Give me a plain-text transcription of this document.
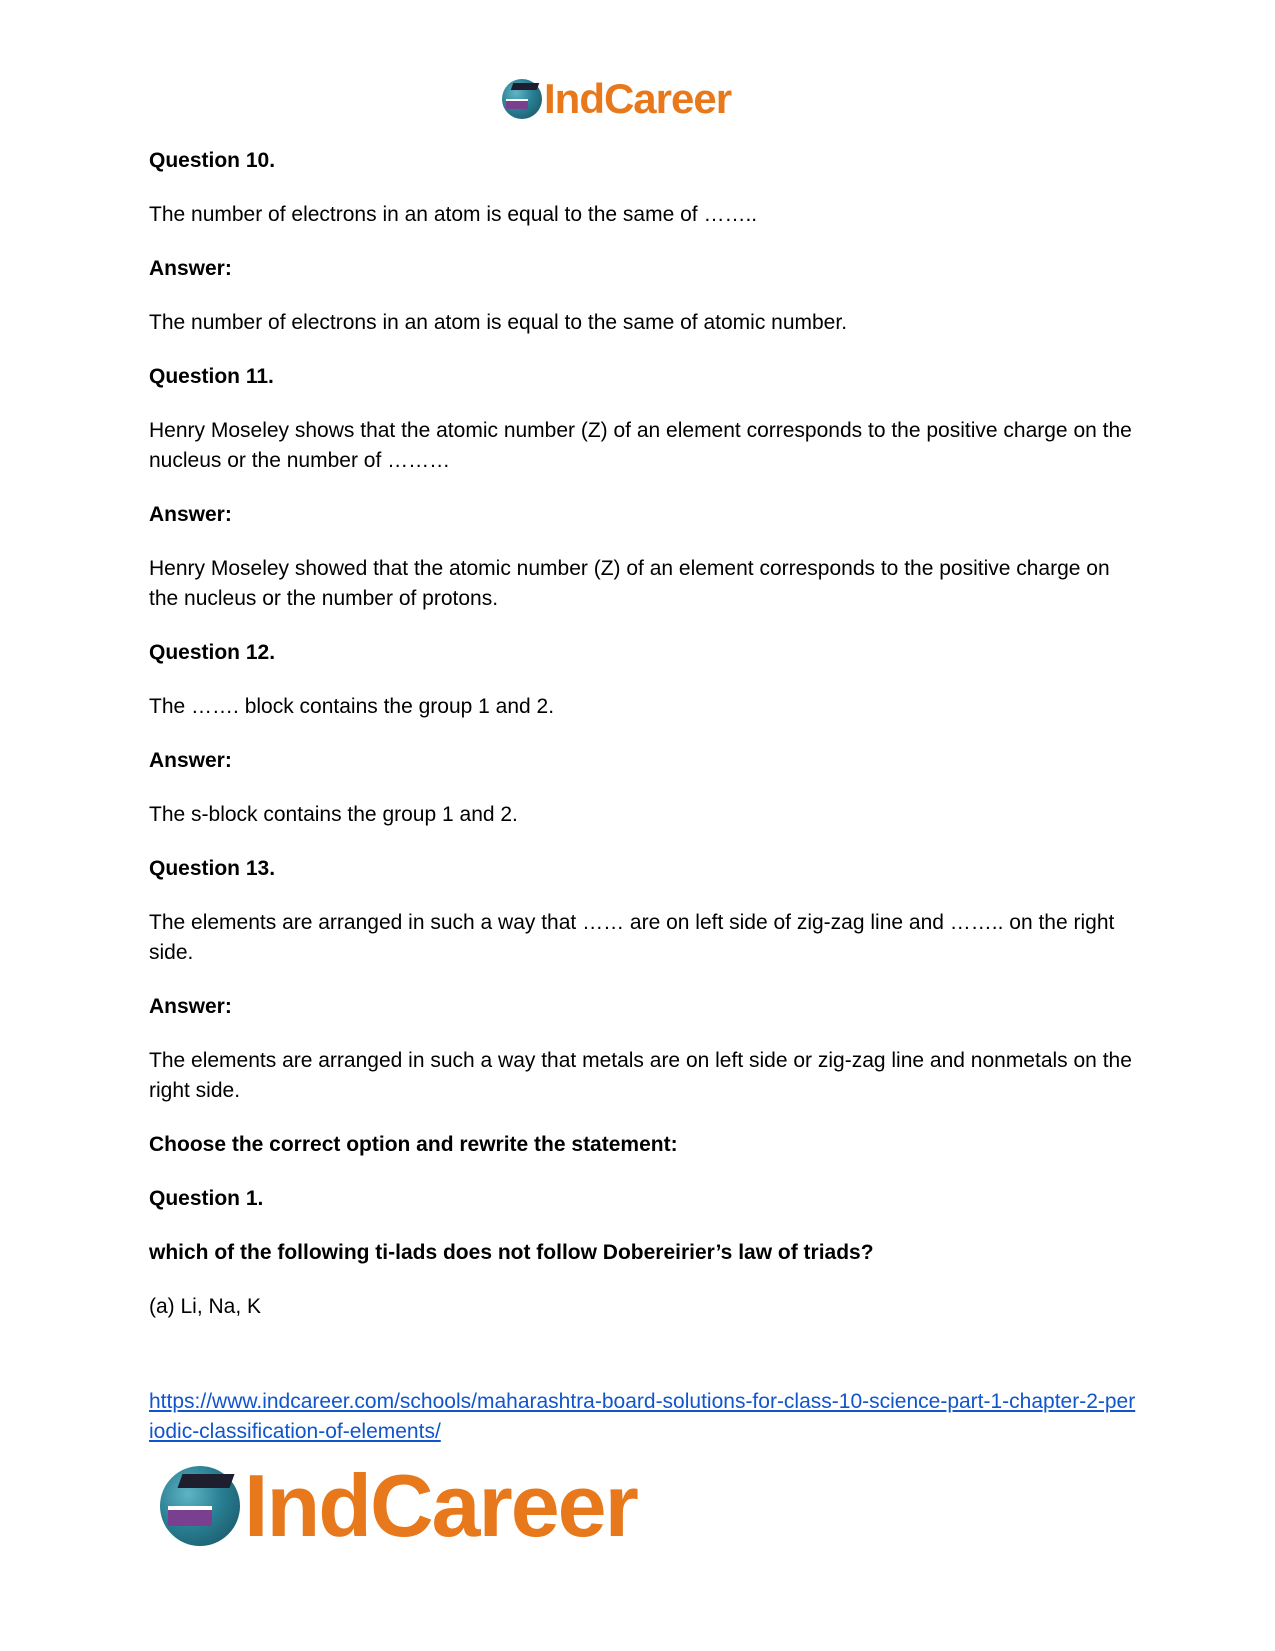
IndCareer

Question 10.

The number of electrons in an atom is equal to the same of ……..

Answer:

The number of electrons in an atom is equal to the same of atomic number.

Question 11.

Henry Moseley shows that the atomic number (Z) of an element corresponds to the positive charge on the nucleus or the number of ………

Answer:

Henry Moseley showed that the atomic number (Z) of an element corresponds to the positive charge on the nucleus or the number of protons.

Question 12.

The ……. block contains the group 1 and 2.

Answer:

The s-block contains the group 1 and 2.

Question 13.

The elements are arranged in such a way that …… are on left side of zig-zag line and …….. on the right side.

Answer:

The elements are arranged in such a way that metals are on left side or zig-zag line and nonmetals on the right side.

Choose the correct option and rewrite the statement:

Question 1.

which of the following ti-lads does not follow Dobereirier’s law of triads?

(a) Li, Na, K

https://www.indcareer.com/schools/maharashtra-board-solutions-for-class-10-science-part-1-chapter-2-periodic-classification-of-elements/
IndCareer
